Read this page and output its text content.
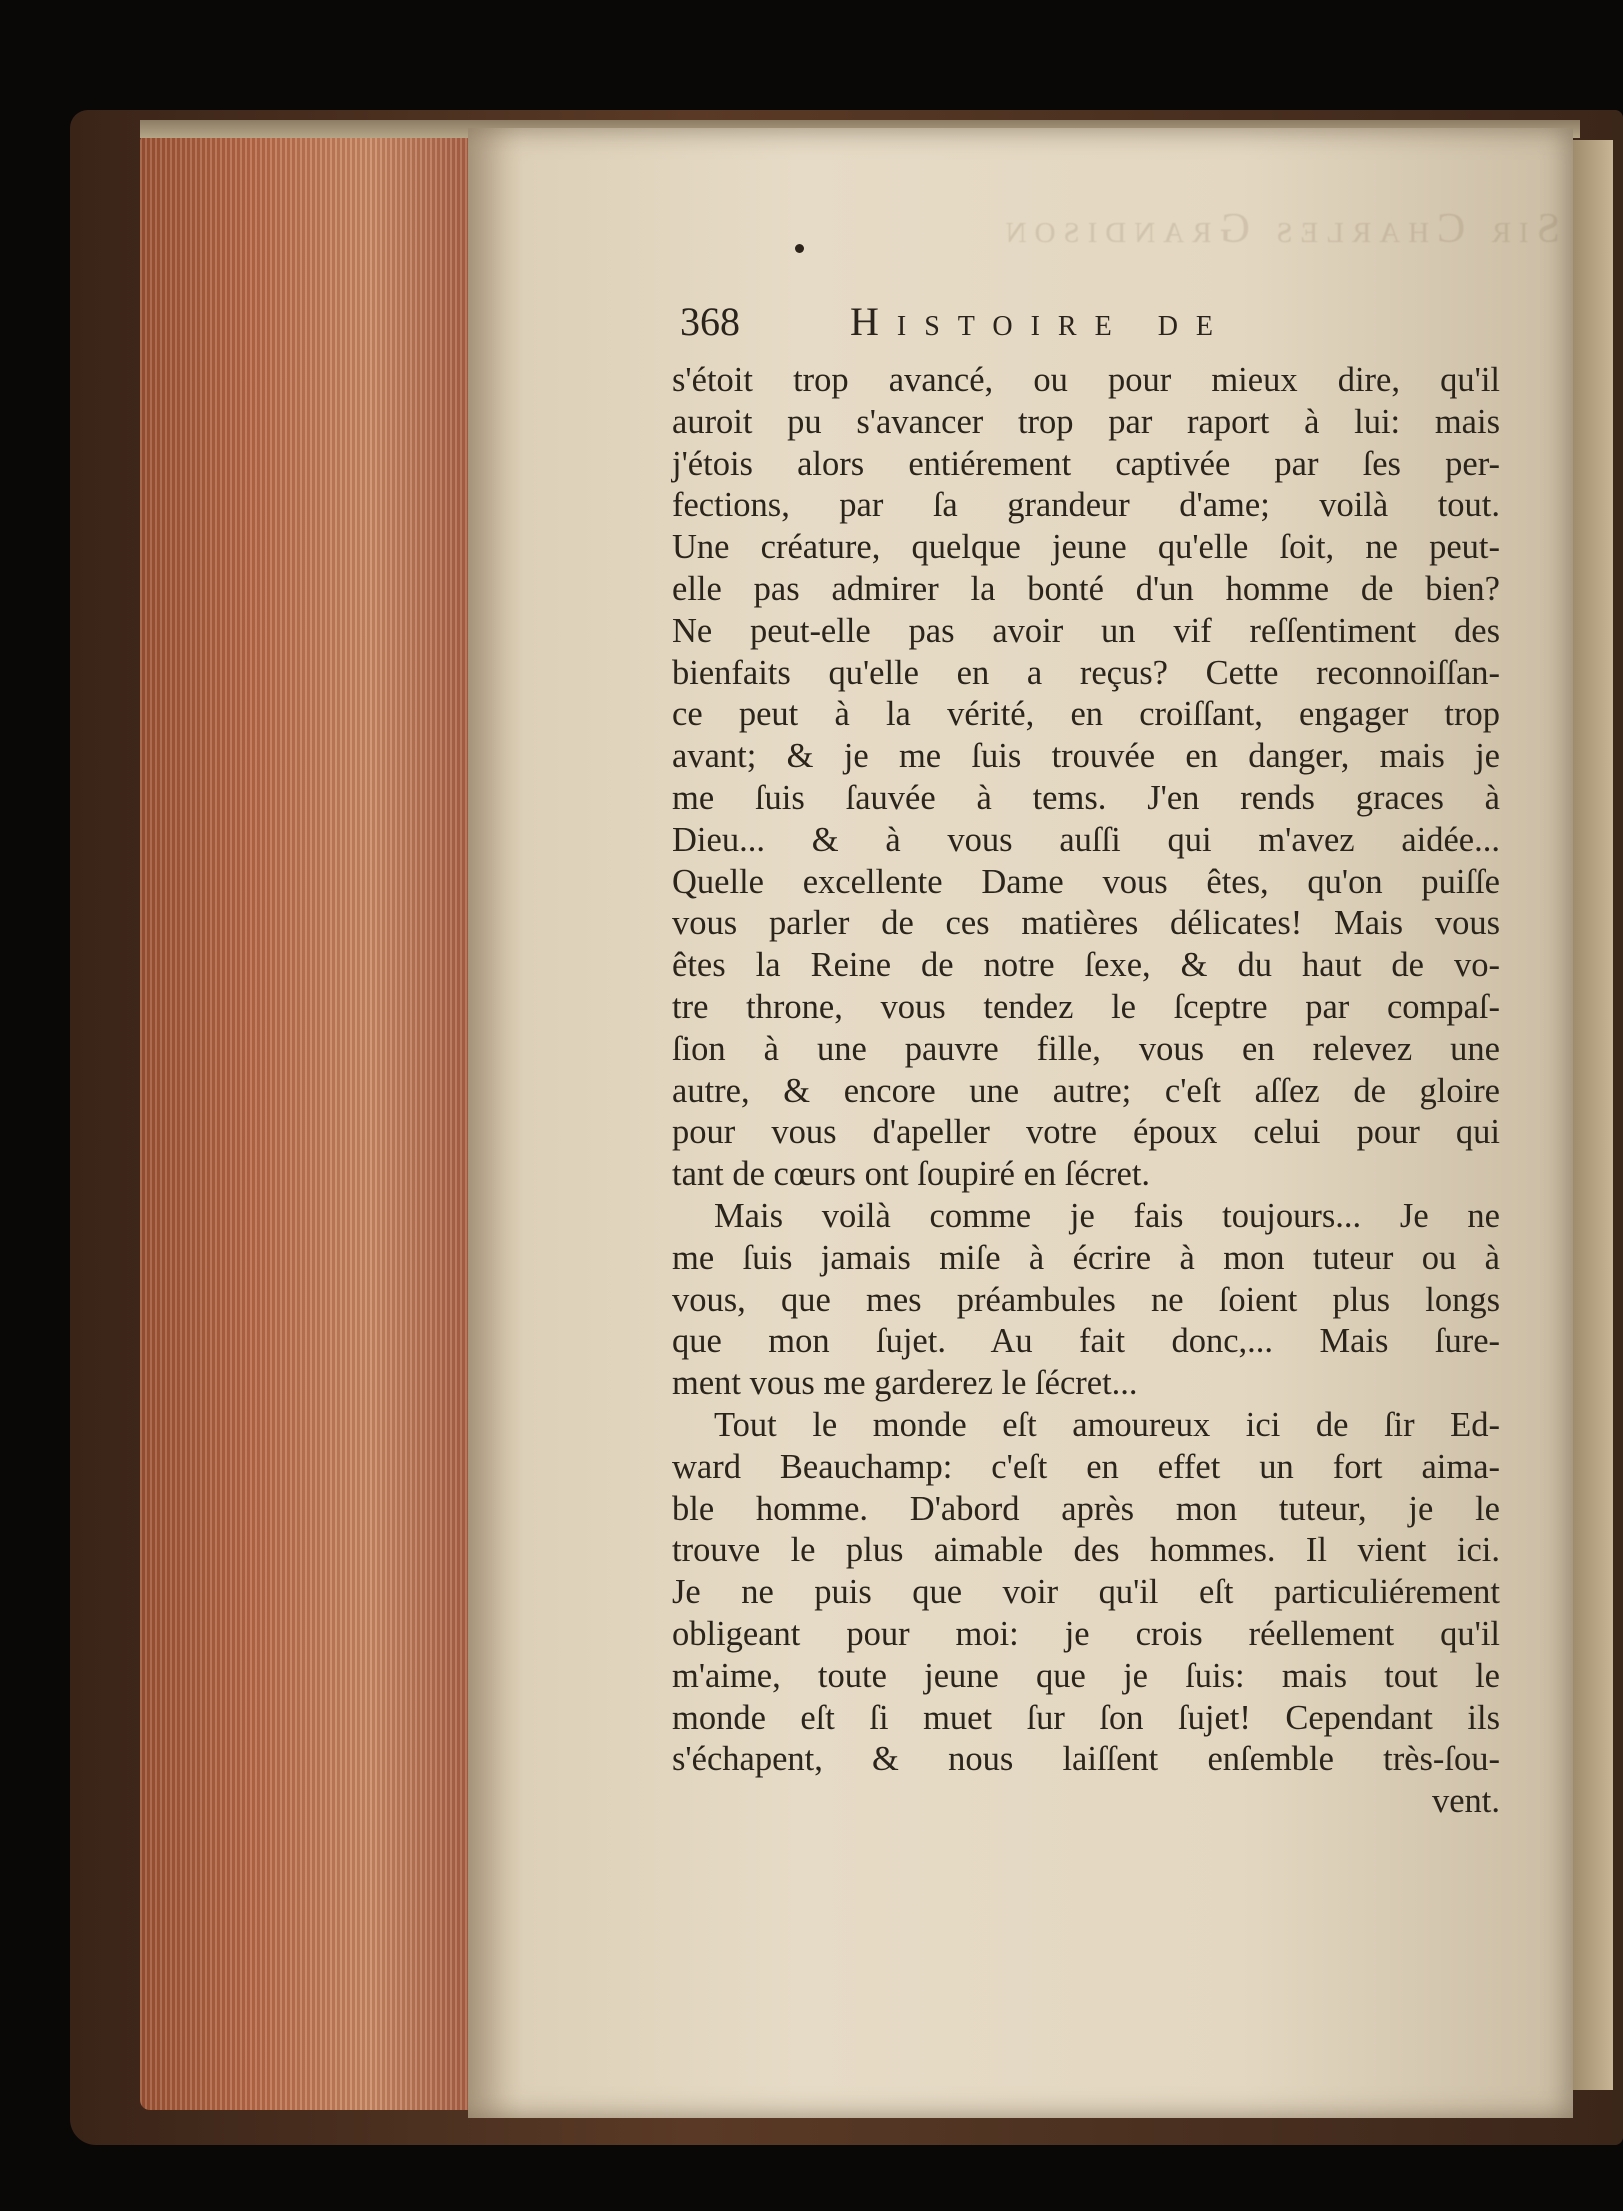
Sir Charles Grandison
368	Histoire de
s'étoit trop avancé, ou pour mieux dire, qu'il
auroit pu s'avancer trop par raport à lui: mais
j'étois alors entiérement captivée par ſes per-
fections, par ſa grandeur d'ame; voilà tout.
Une créature, quelque jeune qu'elle ſoit, ne peut-
elle pas admirer la bonté d'un homme de bien?
Ne peut-elle pas avoir un vif reſſentiment des
bienfaits qu'elle en a reçus? Cette reconnoiſſan-
ce peut à la vérité, en croiſſant, engager trop
avant; & je me ſuis trouvée en danger, mais je
me ſuis ſauvée à tems. J'en rends graces à
Dieu... & à vous auſſi qui m'avez aidée...
Quelle excellente Dame vous êtes, qu'on puiſſe
vous parler de ces matières délicates! Mais vous
êtes la Reine de notre ſexe, & du haut de vo-
tre throne, vous tendez le ſceptre par compaſ-
ſion à une pauvre fille, vous en relevez une
autre, & encore une autre; c'eſt aſſez de gloire
pour vous d'apeller votre époux celui pour qui
tant de cœurs ont ſoupiré en ſécret.
Mais voilà comme je fais toujours... Je ne
me ſuis jamais miſe à écrire à mon tuteur ou à
vous, que mes préambules ne ſoient plus longs
que mon ſujet. Au fait donc,... Mais ſure-
ment vous me garderez le ſécret...
Tout le monde eſt amoureux ici de ſir Ed-
ward Beauchamp: c'eſt en effet un fort aima-
ble homme. D'abord après mon tuteur, je le
trouve le plus aimable des hommes. Il vient ici.
Je ne puis que voir qu'il eſt particuliérement
obligeant pour moi: je crois réellement qu'il
m'aime, toute jeune que je ſuis: mais tout le
monde eſt ſi muet ſur ſon ſujet! Cependant ils
s'échapent, & nous laiſſent enſemble très-ſou-
vent.
